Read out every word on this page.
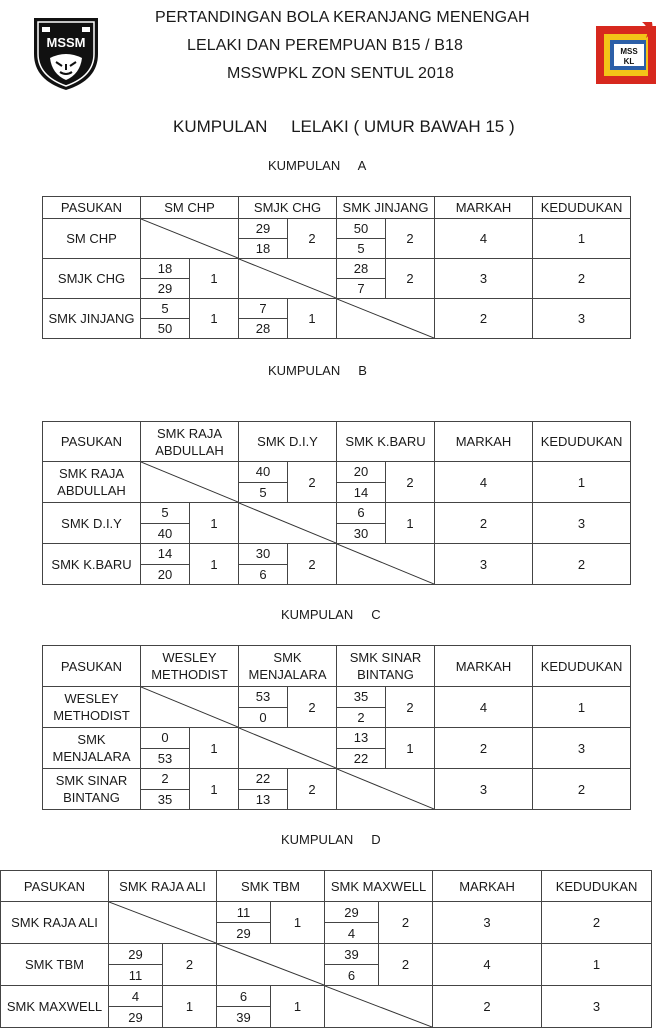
MSSM
MSS
KL
PERTANDINGAN BOLA KERANJANG MENENGAH
LELAKI DAN PEREMPUAN B15 / B18
MSSWPKL ZON SENTUL 2018
KUMPULAN     LELAKI ( UMUR BAWAH 15 )
KUMPULAN     A
KUMPULAN     B
KUMPULAN     C
KUMPULAN     D
PASUKAN	SM CHP		SMJK CHG		SMK JINJANG		MARKAH	KEDUDUKAN
SM CHP			29	2	50	2	4	1
			18		5			
SMJK CHG	18	1			28	2	3	2
	29				7			
SMK JINJANG	5	1	7	1			2	3
	50		28					
PASUKAN	SMK RAJA ABDULLAH		SMK D.I.Y		SMK K.BARU		MARKAH	KEDUDUKAN
SMK RAJA ABDULLAH			40	2	20	2	4	1
			5		14			
SMK D.I.Y	5	1			6	1	2	3
	40				30			
SMK K.BARU	14	1	30	2			3	2
	20		6					
PASUKAN	WESLEY METHODIST		SMK MENJALARA		SMK SINAR BINTANG		MARKAH	KEDUDUKAN
WESLEY METHODIST			53	2	35	2	4	1
			0		2			
SMK MENJALARA	0	1			13	1	2	3
	53				22			
SMK SINAR BINTANG	2	1	22	2			3	2
	35		13					
PASUKAN	SMK RAJA ALI		SMK TBM		SMK MAXWELL		MARKAH	KEDUDUKAN
SMK RAJA ALI			11	1	29	2	3	2
			29		4			
SMK TBM	29	2			39	2	4	1
	11				6			
SMK MAXWELL	4	1	6	1			2	3
	29		39					
